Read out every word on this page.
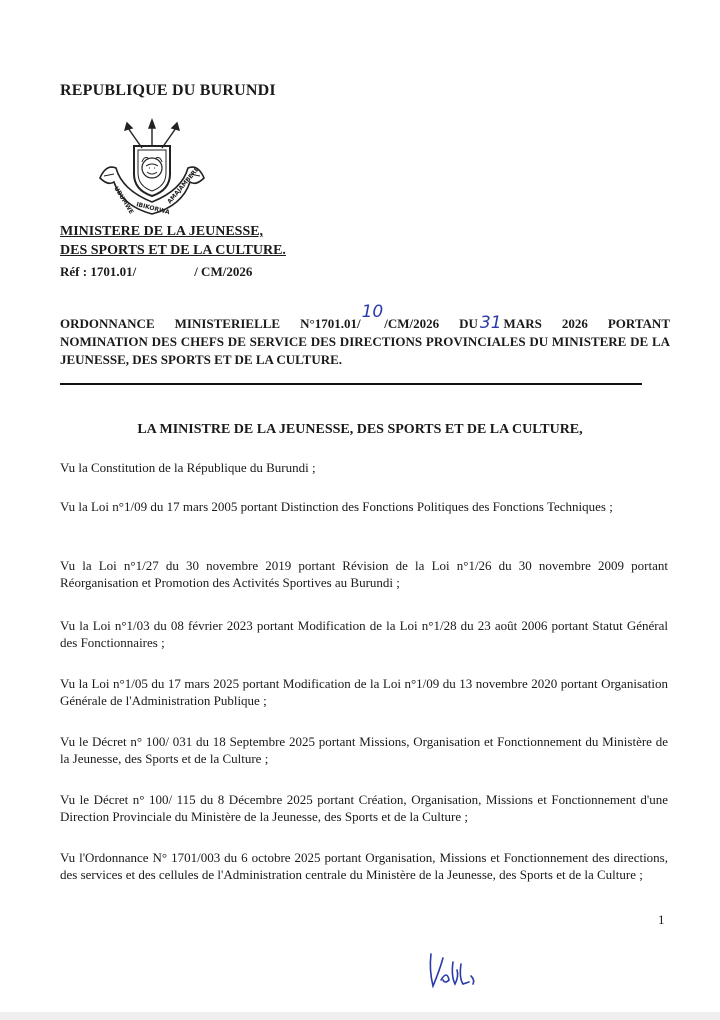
REPUBLIQUE DU BURUNDI
UBUMWE IBIKORWA
AMAJAMBERE
MINISTERE DE LA JEUNESSE,
DES SPORTS ET DE LA CULTURE.
Réf : 1701.01/	/ CM/2026
ORDONNANCE MINISTERIELLE N°1701.01/10/CM/2026 DU 31 MARS 2026 PORTANT NOMINATION DES CHEFS DE SERVICE DES DIRECTIONS PROVINCIALES DU MINISTERE DE LA JEUNESSE, DES SPORTS ET DE LA CULTURE.
LA MINISTRE DE LA JEUNESSE, DES SPORTS ET DE LA CULTURE,
Vu la Constitution de la République du Burundi ;
Vu la Loi n°1/09 du 17 mars 2005 portant Distinction des Fonctions Politiques des Fonctions Techniques ;
Vu la Loi n°1/27 du 30 novembre 2019 portant Révision de la Loi n°1/26 du 30 novembre 2009 portant Réorganisation et Promotion des Activités Sportives au Burundi ;
Vu la Loi n°1/03 du 08 février 2023 portant Modification de la Loi n°1/28 du 23 août 2006 portant Statut Général des Fonctionnaires ;
Vu la Loi n°1/05 du 17 mars 2025 portant Modification de la Loi n°1/09 du 13 novembre 2020 portant Organisation Générale de l'Administration Publique ;
Vu le Décret n° 100/ 031 du 18 Septembre 2025 portant Missions, Organisation et Fonctionnement du Ministère de la Jeunesse, des Sports et de la Culture ;
Vu le Décret n° 100/ 115 du 8 Décembre 2025 portant Création, Organisation, Missions et Fonctionnement d'une Direction Provinciale du Ministère de la Jeunesse, des Sports et de la Culture ;
Vu l'Ordonnance N° 1701/003 du 6 octobre 2025 portant Organisation, Missions et Fonctionnement des directions, des services et des cellules de l'Administration centrale du Ministère de la Jeunesse, des Sports et de la Culture ;
1
